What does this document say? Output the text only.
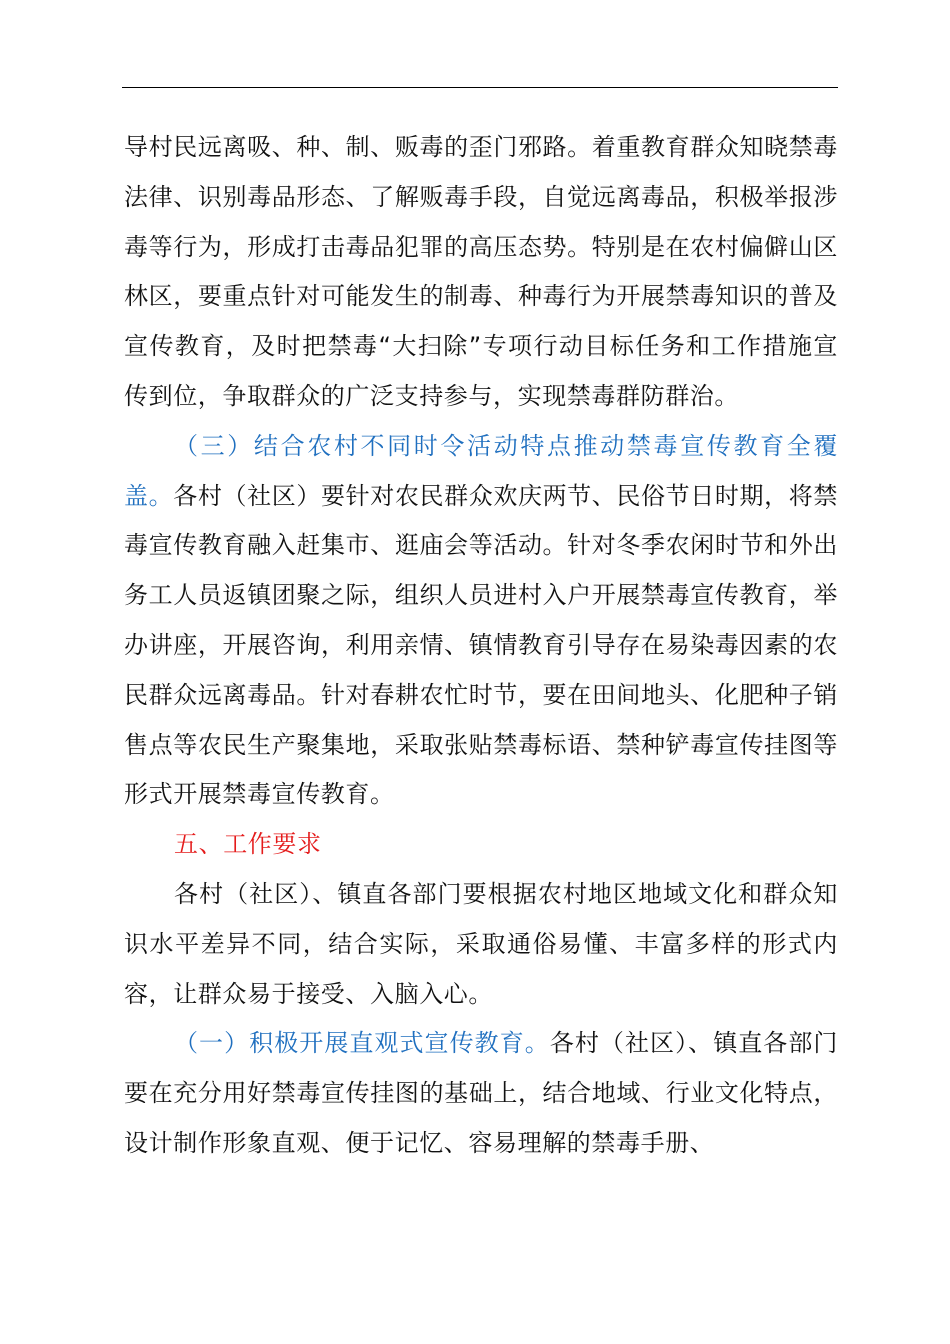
导村民远离吸、种、制、贩毒的歪门邪路。着重教育群众知晓禁毒法律、识别毒品形态、了解贩毒手段，自觉远离毒品，积极举报涉毒等行为，形成打击毒品犯罪的高压态势。特别是在农村偏僻山区林区，要重点针对可能发生的制毒、种毒行为开展禁毒知识的普及宣传教育，及时把禁毒“大扫除”专项行动目标任务和工作措施宣传到位，争取群众的广泛支持参与，实现禁毒群防群治。

（三）结合农村不同时令活动特点推动禁毒宣传教育全覆盖。各村（社区）要针对农民群众欢庆两节、民俗节日时期，将禁毒宣传教育融入赶集市、逛庙会等活动。针对冬季农闲时节和外出务工人员返镇团聚之际，组织人员进村入户开展禁毒宣传教育，举办讲座，开展咨询，利用亲情、镇情教育引导存在易染毒因素的农民群众远离毒品。针对春耕农忙时节，要在田间地头、化肥种子销售点等农民生产聚集地，采取张贴禁毒标语、禁种铲毒宣传挂图等形式开展禁毒宣传教育。

五、工作要求

各村（社区）、镇直各部门要根据农村地区地域文化和群众知识水平差异不同，结合实际，采取通俗易懂、丰富多样的形式内容，让群众易于接受、入脑入心。

（一）积极开展直观式宣传教育。各村（社区）、镇直各部门要在充分用好禁毒宣传挂图的基础上，结合地域、行业文化特点，设计制作形象直观、便于记忆、容易理解的禁毒手册、
